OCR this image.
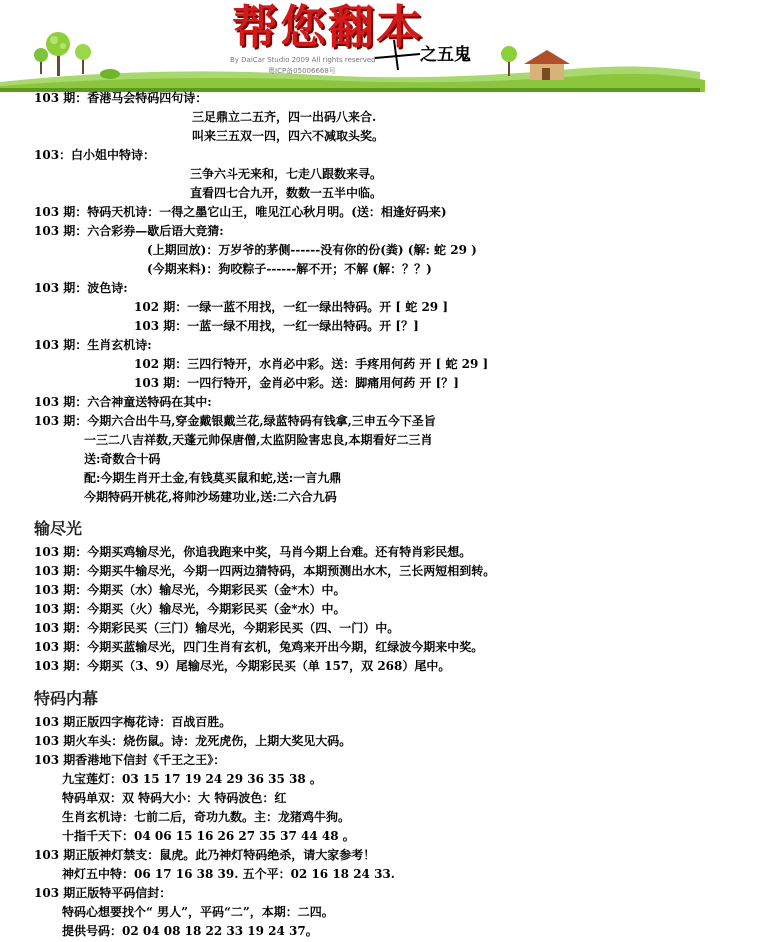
帮您翻本
之五鬼
By DaiCar Studio 2009 All rights reserved
粤ICP备05006668号
103 期：香港马会特码四句诗：
三足鼎立二五齐，四一出码八来合.
叫来三五双一四，四六不减取头奖。
103：白小姐中特诗：
三争六斗无来和，七走八跟数来寻。
直看四七合九开，数数一五半中临。
103 期：特码天机诗：一得之墨它山王，唯见江心秋月明。(送：相逢好码来)
103 期：六合彩券—歇后语大竞猜:
(上期回放)：万岁爷的茅侧------没有你的份(粪) (解: 蛇 29 )
(今期来料)：狗咬粽子------解不开；不解 (解：？？)
103 期：波色诗:
102 期：一绿一蓝不用找，一红一绿出特码。开 [ 蛇 29 ]
103 期：一蓝一绿不用找，一红一绿出特码。开 [？]
103 期：生肖玄机诗:
102 期：三四行特开，水肖必中彩。送：手疼用何药 开 [ 蛇 29 ]
103 期：一四行特开，金肖必中彩。送：脚痛用何药 开 [？]
103 期：六合神童送特码在其中:
103 期：今期六合出牛马,穿金戴银戴兰花,绿蓝特码有钱拿,三申五今下圣旨
一三二八吉祥数,天蓬元帅保唐僧,太监阴险害忠良,本期看好二三肖
送:奇数合十码
配:今期生肖开土金,有钱莫买鼠和蛇,送:一言九鼎
今期特码开桃花,将帅沙场建功业,送:二六合九码
输尽光
103 期：今期买鸡输尽光，你追我跑来中奖，马肖今期上台难。还有特肖彩民想。
103 期：今期买牛输尽光，今期一四两边猜特码，本期预测出水木，三长两短相到转。
103 期：今期买（水）输尽光，今期彩民买（金*木）中。
103 期：今期买（火）输尽光，今期彩民买（金*水）中。
103 期：今期彩民买（三门）输尽光，今期彩民买（四、一门）中。
103 期：今期买蓝输尽光，四门生肖有玄机，兔鸡来开出今期，红绿波今期来中奖。
103 期：今期买（3、9）尾输尽光，今期彩民买（单 157，双 268）尾中。
特码内幕
103 期正版四字梅花诗：百战百胜。
103 期火车头：烧伤鼠。诗：龙死虎伤，上期大奖见大码。
103 期香港地下信封《千王之王》：
九宝莲灯：03 15 17 19 24 29 36 35 38 。
特码单双：双 特码大小：大 特码波色：红
生肖玄机诗：七前二后，奇功九数。主：龙猪鸡牛狗。
十指千天下：04 06 15 16 26 27 35 37 44 48 。
103 期正版神灯禁支：鼠虎。此乃神灯特码绝杀，请大家参考！
神灯五中特：06 17 16 38 39. 五个平：02 16 18 24 33.
103 期正版特平码信封：
特码心想要找个“ 男人”，平码“二”，本期：二四。
提供号码：02 04 08 18 22 33 19 24 37。
